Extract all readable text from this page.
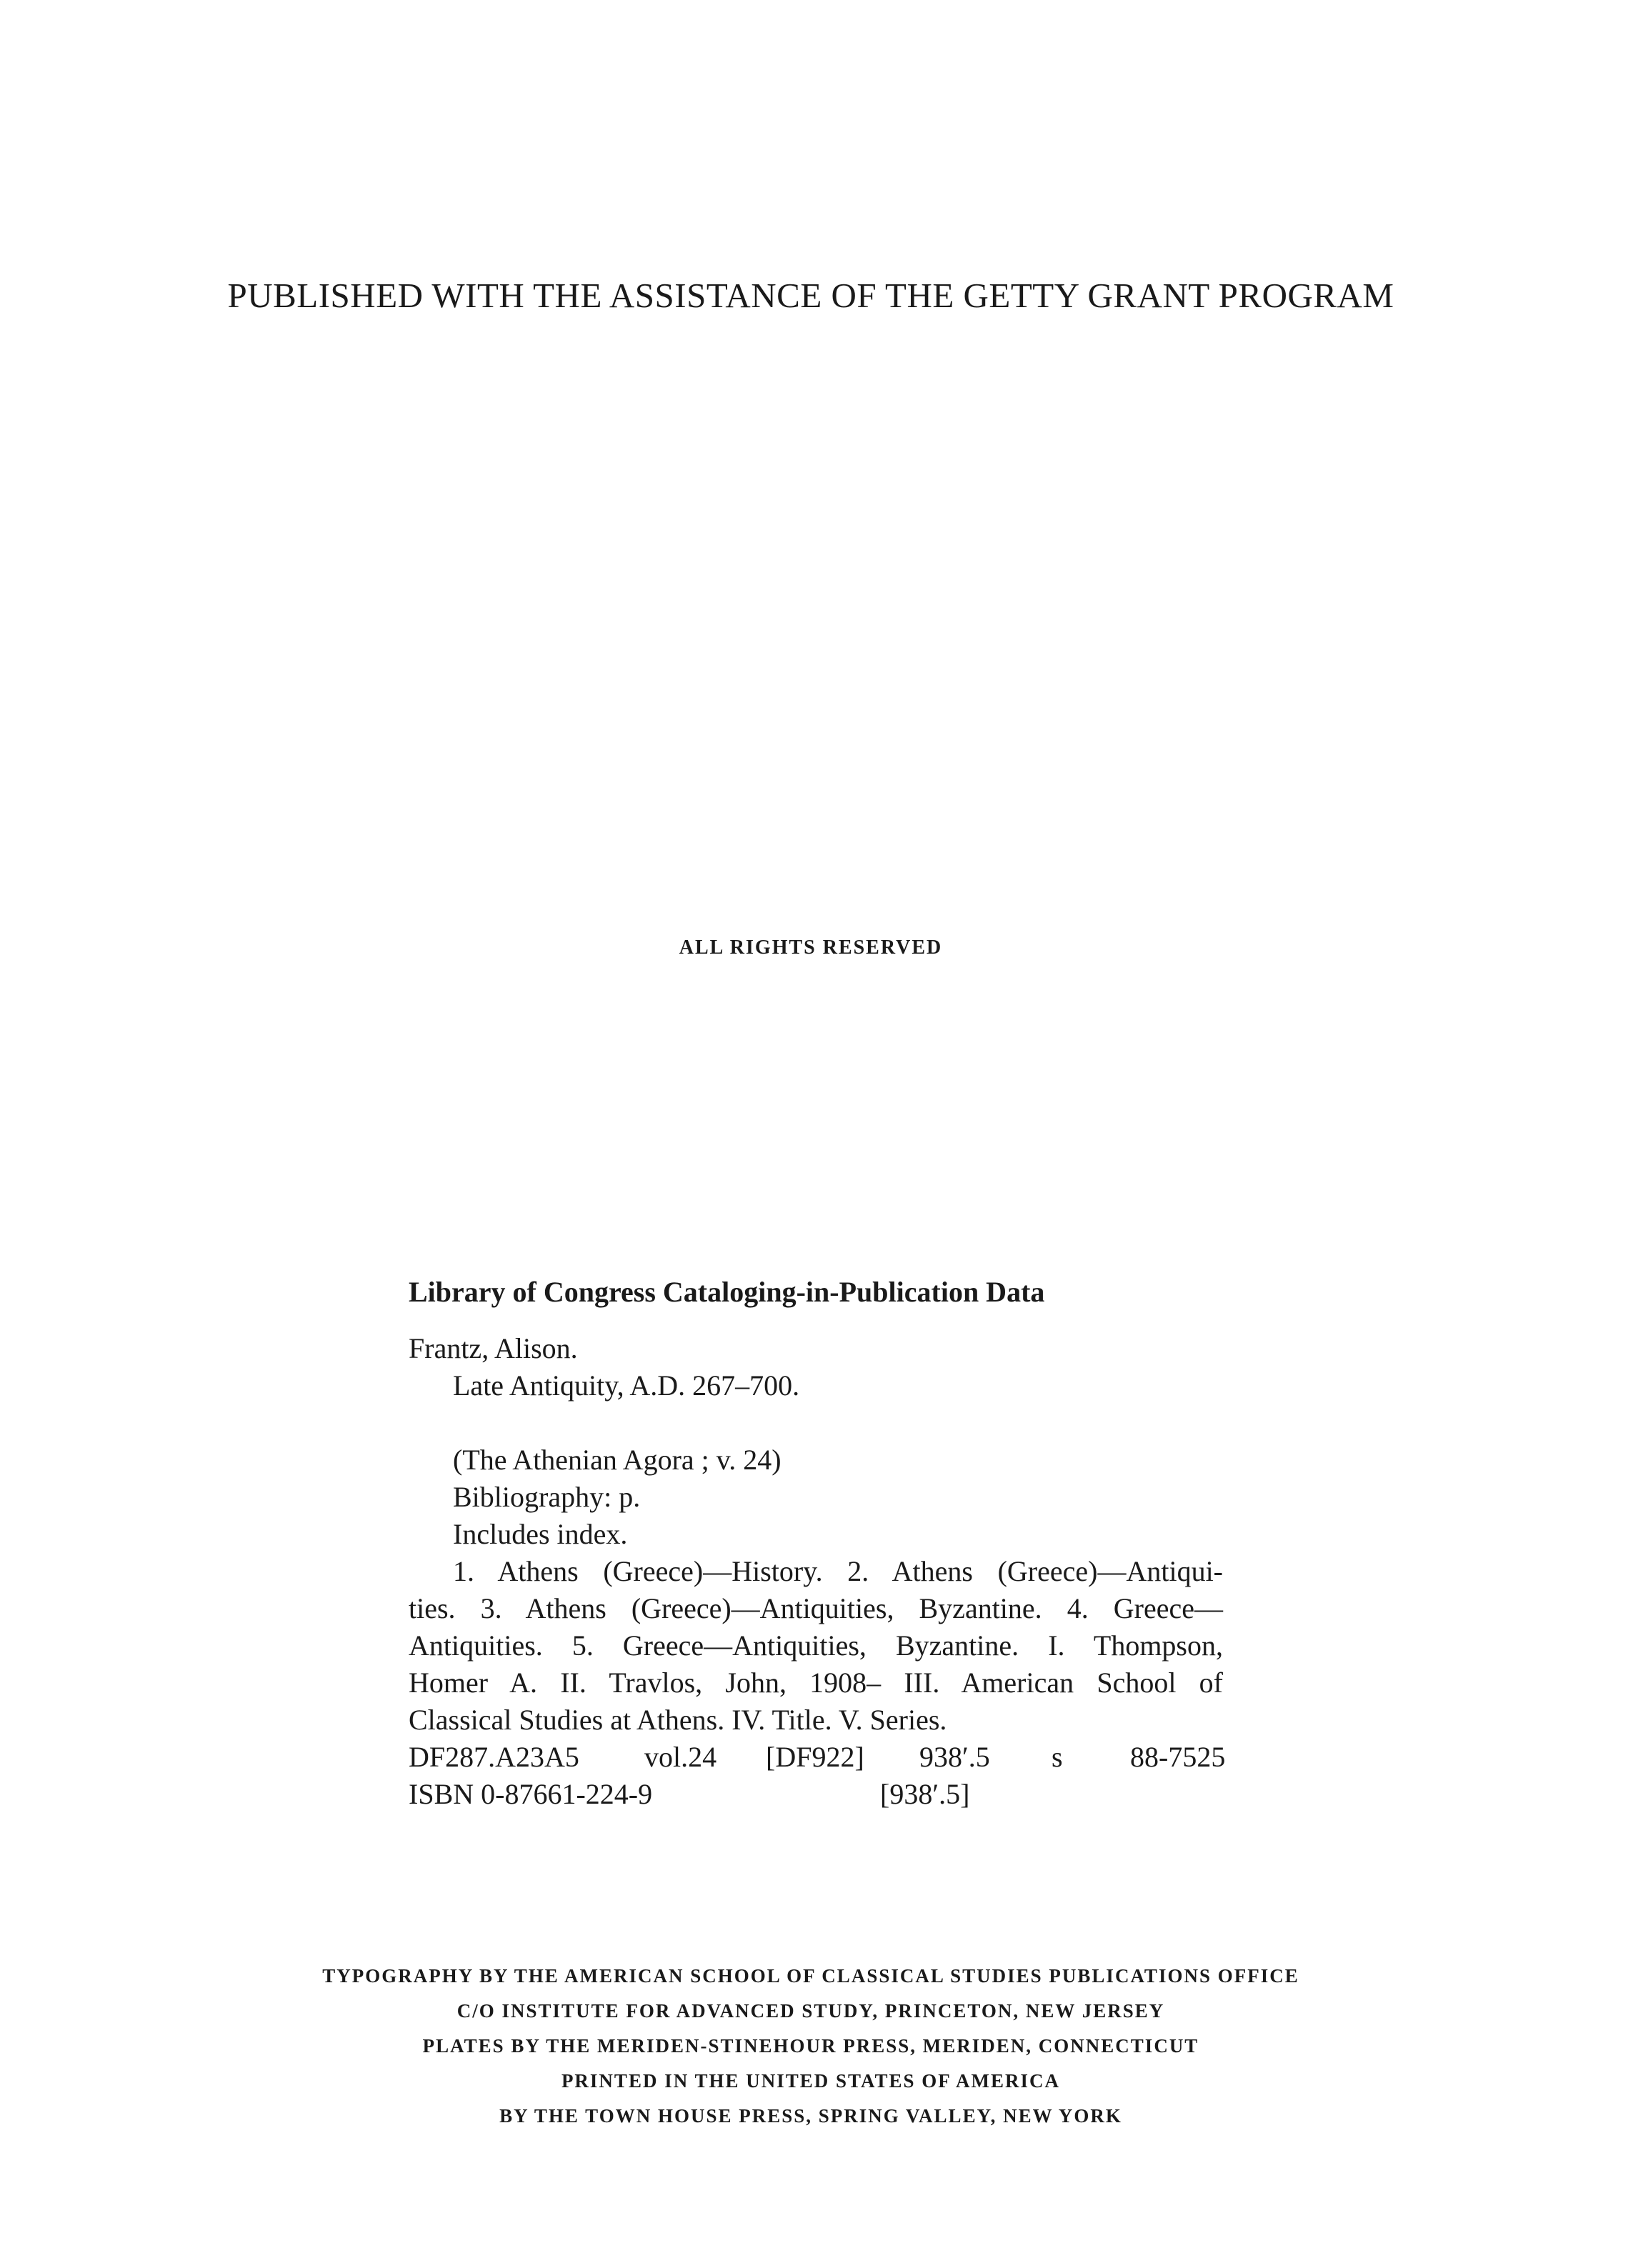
PUBLISHED WITH THE ASSISTANCE OF THE GETTY GRANT PROGRAM
ALL RIGHTS RESERVED
Library of Congress Cataloging-in-Publication Data
Frantz, Alison.
Late Antiquity, A.D. 267–700.
(The Athenian Agora ; v. 24)
Bibliography: p.
Includes index.
1. Athens (Greece)—History. 2. Athens (Greece)—Antiqui-
ties. 3. Athens (Greece)—Antiquities, Byzantine. 4. Greece—
Antiquities. 5. Greece—Antiquities, Byzantine. I. Thompson,
Homer A. II. Travlos, John, 1908– III. American School of
Classical Studies at Athens. IV. Title. V. Series.
DF287.A23A5	vol.24	[DF922]	938′.5	s	88-7525
ISBN 0-87661-224-9	[938′.5]
TYPOGRAPHY BY THE AMERICAN SCHOOL OF CLASSICAL STUDIES PUBLICATIONS OFFICE
C/O INSTITUTE FOR ADVANCED STUDY, PRINCETON, NEW JERSEY
PLATES BY THE MERIDEN-STINEHOUR PRESS, MERIDEN, CONNECTICUT
PRINTED IN THE UNITED STATES OF AMERICA
BY THE TOWN HOUSE PRESS, SPRING VALLEY, NEW YORK
